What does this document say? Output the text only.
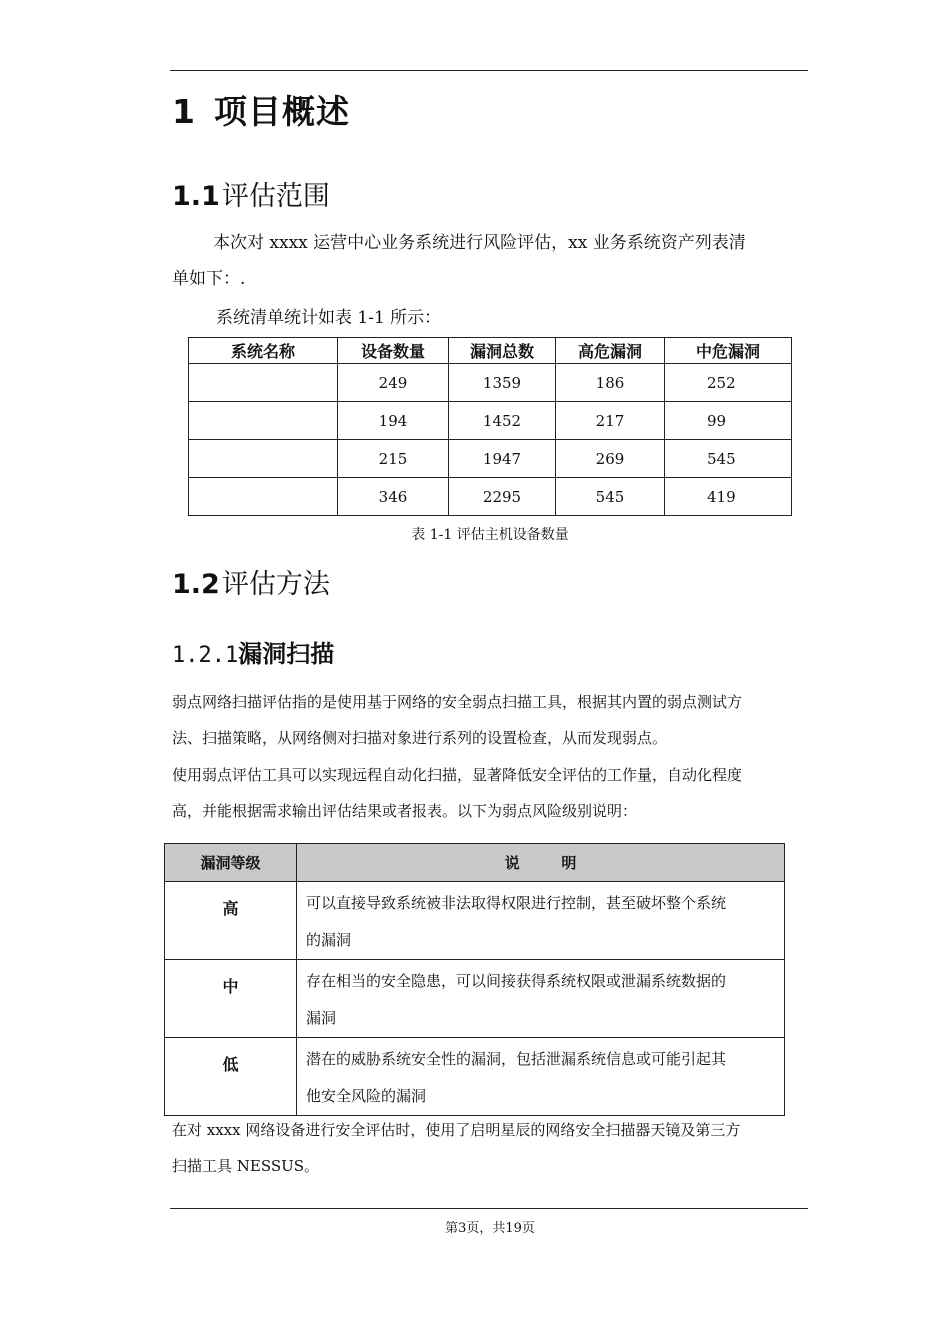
1 项目概述
1.1评估范围
本次对 xxxx 运营中心业务系统进行风险评估，xx 业务系统资产列表清
单如下：.
系统清单统计如表 1-1 所示：
系统名称	设备数量	漏洞总数	高危漏洞	中危漏洞
	249	1359	186	252
	194	1452	217	99
	215	1947	269	545
	346	2295	545	419
表 1-1 评估主机设备数量
1.2评估方法
1.2.1漏洞扫描
弱点网络扫描评估指的是使用基于网络的安全弱点扫描工具，根据其内置的弱点测试方
法、扫描策略，从网络侧对扫描对象进行系列的设置检查，从而发现弱点。
使用弱点评估工具可以实现远程自动化扫描，显著降低安全评估的工作量，自动化程度
高，并能根据需求输出评估结果或者报表。以下为弱点风险级别说明：
漏洞等级	说        明
高	可以直接导致系统被非法取得权限进行控制，甚至破坏整个系统
的漏洞

中	存在相当的安全隐患，可以间接获得系统权限或泄漏系统数据的
漏洞

低	潜在的威胁系统安全性的漏洞，包括泄漏系统信息或可能引起其
他安全风险的漏洞
在对 xxxx 网络设备进行安全评估时，使用了启明星辰的网络安全扫描器天镜及第三方
扫描工具 NESSUS。
第3页，共19页
